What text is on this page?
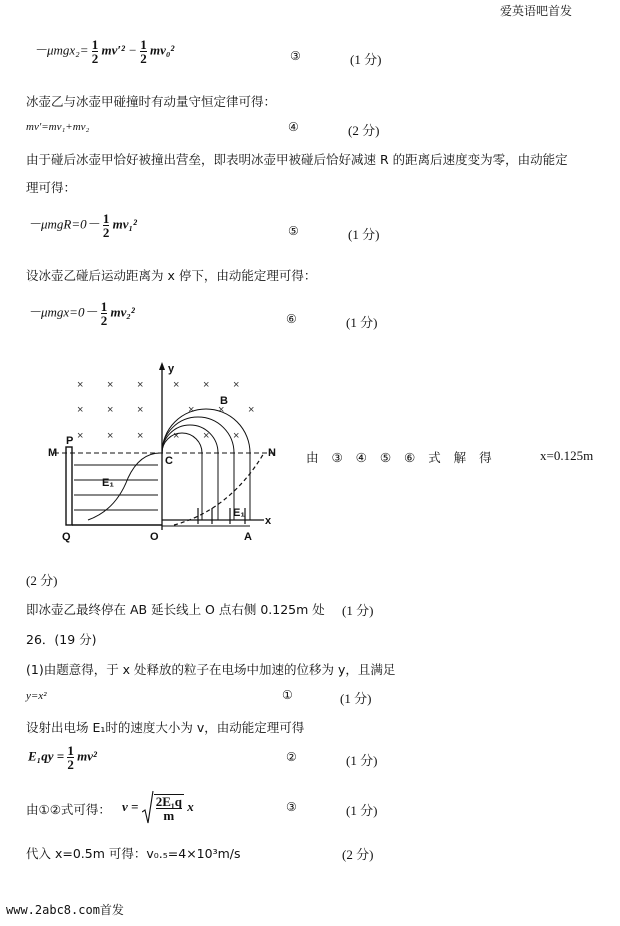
爱英语吧首发
$-\mu mgx_2= \frac{1}{2} mv'^2 - \frac{1}{2} mv_0^2$	③	(1 分)
冰壶乙与冰壶甲碰撞时有动量守恒定律可得：
mv′=mv₁+mv₂	④	(2 分)
由于碰后冰壶甲恰好被撞出营垒，即表明冰壶甲被碰后恰好减速 R 的距离后速度变为零，由动能定
理可得：
$-\mu mgR=0- \frac{1}{2} mv_1^2$	⑤	(1 分)
设冰壶乙碰后运动距离为 x 停下，由动能定理可得：
$-\mu mgx=0- \frac{1}{2} mv_2^2$	⑥	(1 分)
× × ×
× × ×
× × ×
× × ×
× × ×
× × ×
y
x
P
M	N
Q	O	A
C
B
E₁
E₁
由 ③ ④ ⑤ ⑥ 式 解 得	x=0.125m
(2 分)
即冰壶乙最终停在 AB 延长线上 O 点右侧 0.125m 处 (1 分)
26．(19 分)
(1)由题意得，于 x 处释放的粒子在电场中加速的位移为 y，且满足
y=x²	①	(1 分)
设射出电场 E₁时的速度大小为 v，由动能定理可得
$E_1qy = \frac{1}{2} mv^2$	②	(1 分)
由①②式可得： $v = \frac{\text{2E₁q}}{m}$ x	③	(1 分)
代入 x=0.5m 可得：v₀.₅=4×10³m/s	(2 分)
www.2abc8.com首发
